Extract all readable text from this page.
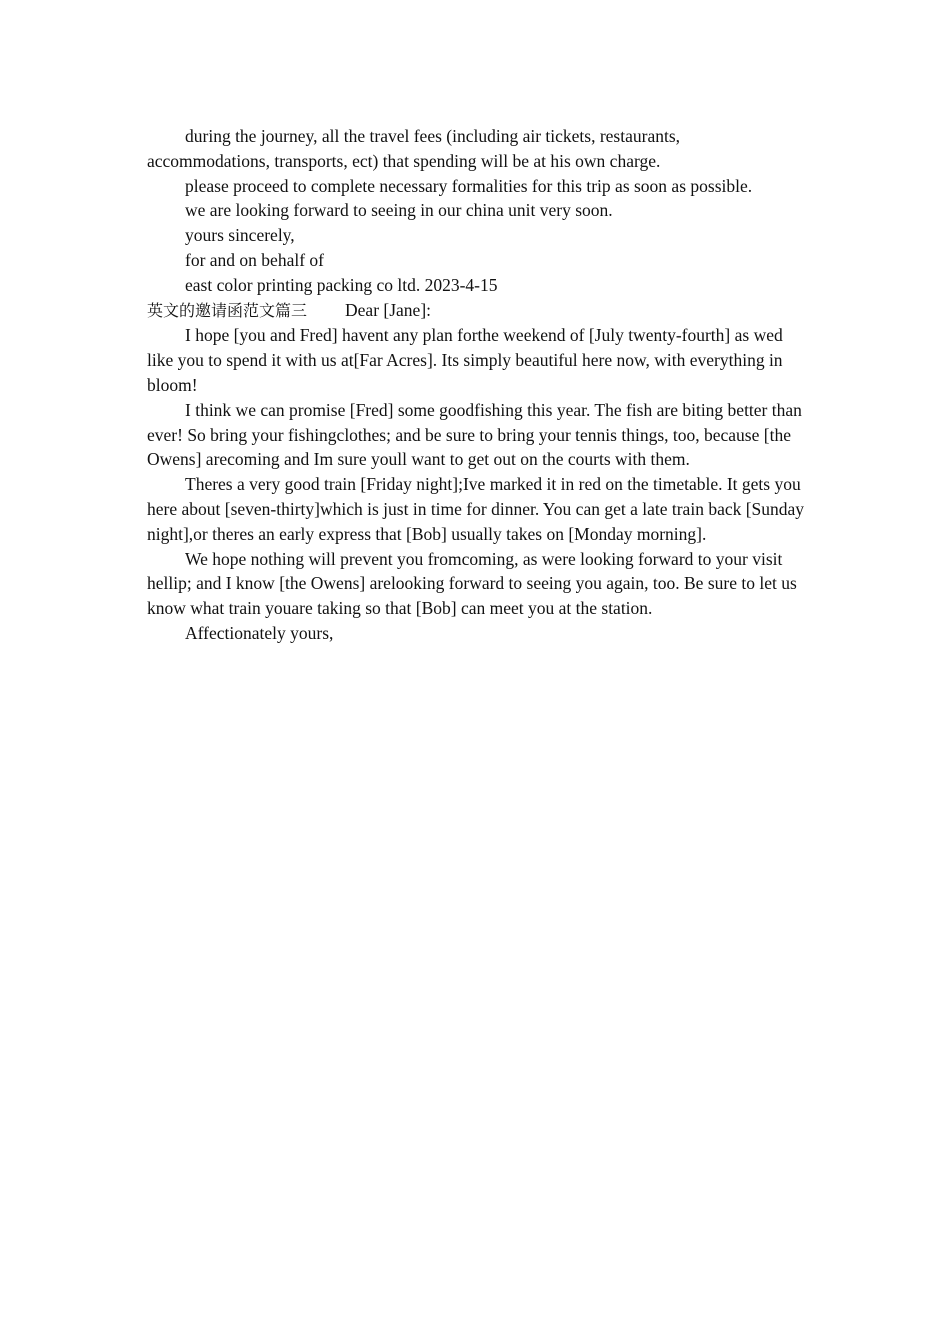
during the journey, all the travel fees (including air tickets, restaurants, accommodations, transports, ect) that spending will be at his own charge.

please proceed to complete necessary formalities for this trip as soon as possible.

we are looking forward to seeing in our china unit very soon.

yours sincerely,

for and on behalf of

east color printing packing co ltd. 2023-4-15

英文的邀请函范文篇三 Dear [Jane]:

I hope [you and Fred] havent any plan forthe weekend of [July twenty-fourth] as wed like you to spend it with us at[Far Acres]. Its simply beautiful here now, with everything in bloom!

I think we can promise [Fred] some goodfishing this year. The fish are biting better than ever! So bring your fishingclothes; and be sure to bring your tennis things, too, because [the Owens] arecoming and Im sure youll want to get out on the courts with them.

Theres a very good train [Friday night];Ive marked it in red on the timetable. It gets you here about [seven-thirty]which is just in time for dinner. You can get a late train back [Sunday night],or theres an early express that [Bob] usually takes on [Monday morning].

We hope nothing will prevent you fromcoming, as were looking forward to your visit hellip; and I know [the Owens] arelooking forward to seeing you again, too. Be sure to let us know what train youare taking so that [Bob] can meet you at the station.

Affectionately yours,
